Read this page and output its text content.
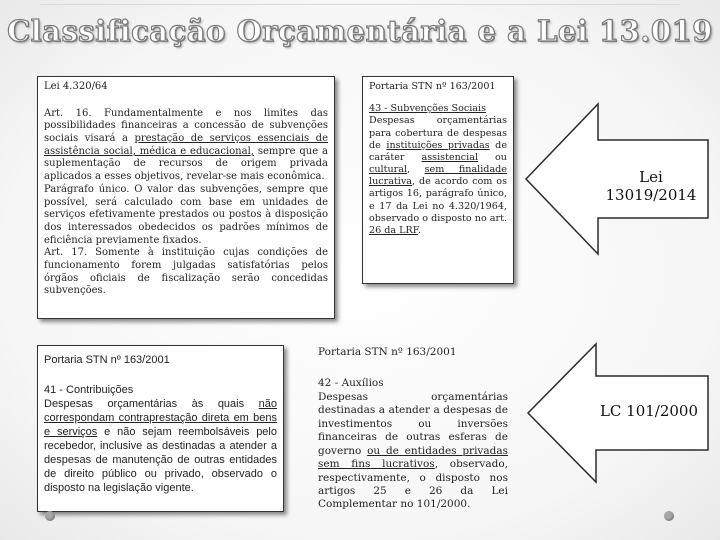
Classificação Orçamentária e a Lei 13.019

Lei 4.320/64

Art. 16. Fundamentalmente e nos limites das possibilidades financeiras a concessão de subvenções sociais visará a prestação de serviços essenciais de assistência social, médica e educacional, sempre que a suplementação de recursos de origem privada aplicados a esses objetivos, revelar-se mais econômica.

Parágrafo único. O valor das subvenções, sempre que possível, será calculado com base em unidades de serviços efetivamente prestados ou postos à disposição dos interessados obedecidos os padrões mínimos de eficiência previamente fixados.

Art. 17. Somente à instituição cujas condições de funcionamento forem julgadas satisfatórias pelos órgãos oficiais de fiscalização serão concedidas subvenções.

Portaria STN nº 163/2001

43 - Subvenções Sociais
Despesas orçamentárias para cobertura de despesas de instituições privadas de caráter assistencial ou cultural, sem finalidade lucrativa, de acordo com os artigos 16, parágrafo único, e 17 da Lei no 4.320/1964, observado o disposto no art. 26 da LRF.

Lei 13019/2014

Portaria STN nº 163/2001

41 - Contribuições
Despesas orçamentárias às quais não correspondam contraprestação direta em bens e serviços e não sejam reembolsáveis pelo recebedor, inclusive as destinadas a atender a despesas de manutenção de outras entidades de direito público ou privado, observado o disposto na legislação vigente.

Portaria STN nº 163/2001

42 - Auxílios
Despesas orçamentárias destinadas a atender a despesas de investimentos ou inversões financeiras de outras esferas de governo ou de entidades privadas sem fins lucrativos, observado, respectivamente, o disposto nos artigos 25 e 26 da Lei Complementar no 101/2000.

LC 101/2000
